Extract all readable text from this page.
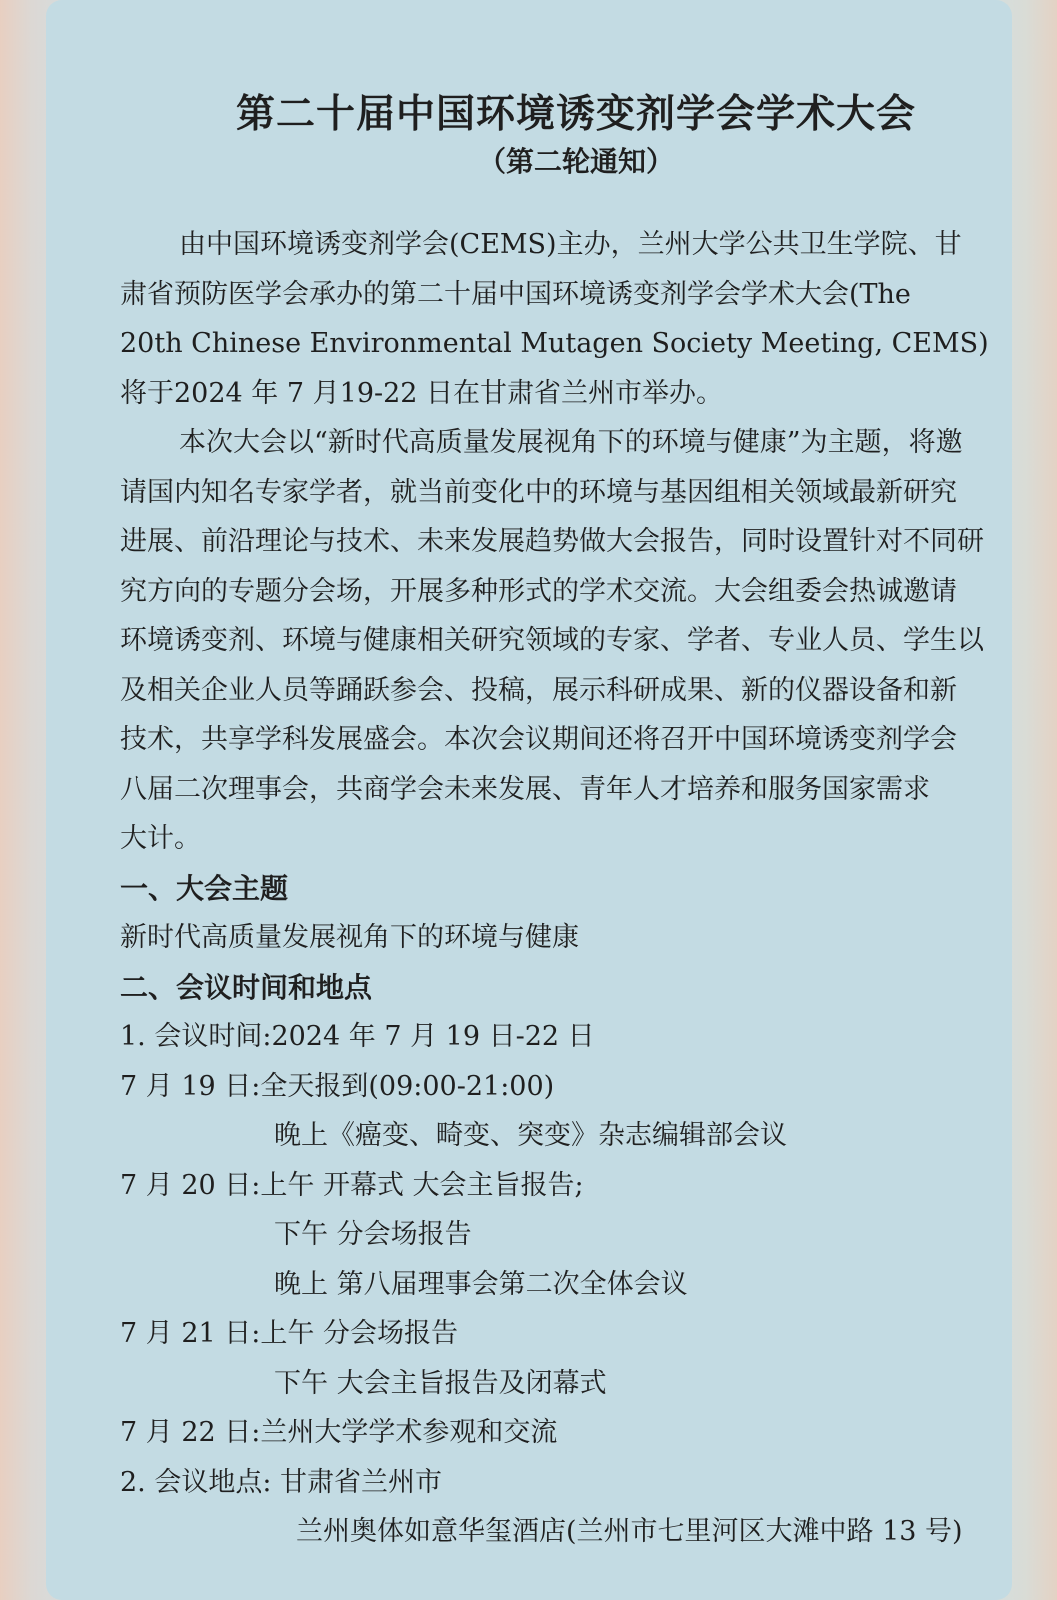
第二十届中国环境诱变剂学会学术大会
（第二轮通知）

由中国环境诱变剂学会(CEMS)主办，兰州大学公共卫生学院、甘

肃省预防医学会承办的第二十届中国环境诱变剂学会学术大会(The

20th Chinese Environmental Mutagen Society Meeting, CEMS)

将于2024 年 7 月19-22 日在甘肃省兰州市举办。

本次大会以“新时代高质量发展视角下的环境与健康”为主题，将邀

请国内知名专家学者，就当前变化中的环境与基因组相关领域最新研究

进展、前沿理论与技术、未来发展趋势做大会报告，同时设置针对不同研

究方向的专题分会场，开展多种形式的学术交流。大会组委会热诚邀请

环境诱变剂、环境与健康相关研究领域的专家、学者、专业人员、学生以

及相关企业人员等踊跃参会、投稿，展示科研成果、新的仪器设备和新

技术，共享学科发展盛会。本次会议期间还将召开中国环境诱变剂学会

八届二次理事会，共商学会未来发展、青年人才培养和服务国家需求

大计。

一、大会主题

新时代高质量发展视角下的环境与健康

二、会议时间和地点

1. 会议时间:2024 年 7 月 19 日-22 日

7 月 19 日:全天报到(09:00-21:00)

晚上《癌变、畸变、突变》杂志编辑部会议

7 月 20 日:上午 开幕式 大会主旨报告;

下午 分会场报告

晚上 第八届理事会第二次全体会议

7 月 21 日:上午 分会场报告

下午 大会主旨报告及闭幕式

7 月 22 日:兰州大学学术参观和交流

2. 会议地点: 甘肃省兰州市

兰州奥体如意华玺酒店(兰州市七里河区大滩中路 13 号)
